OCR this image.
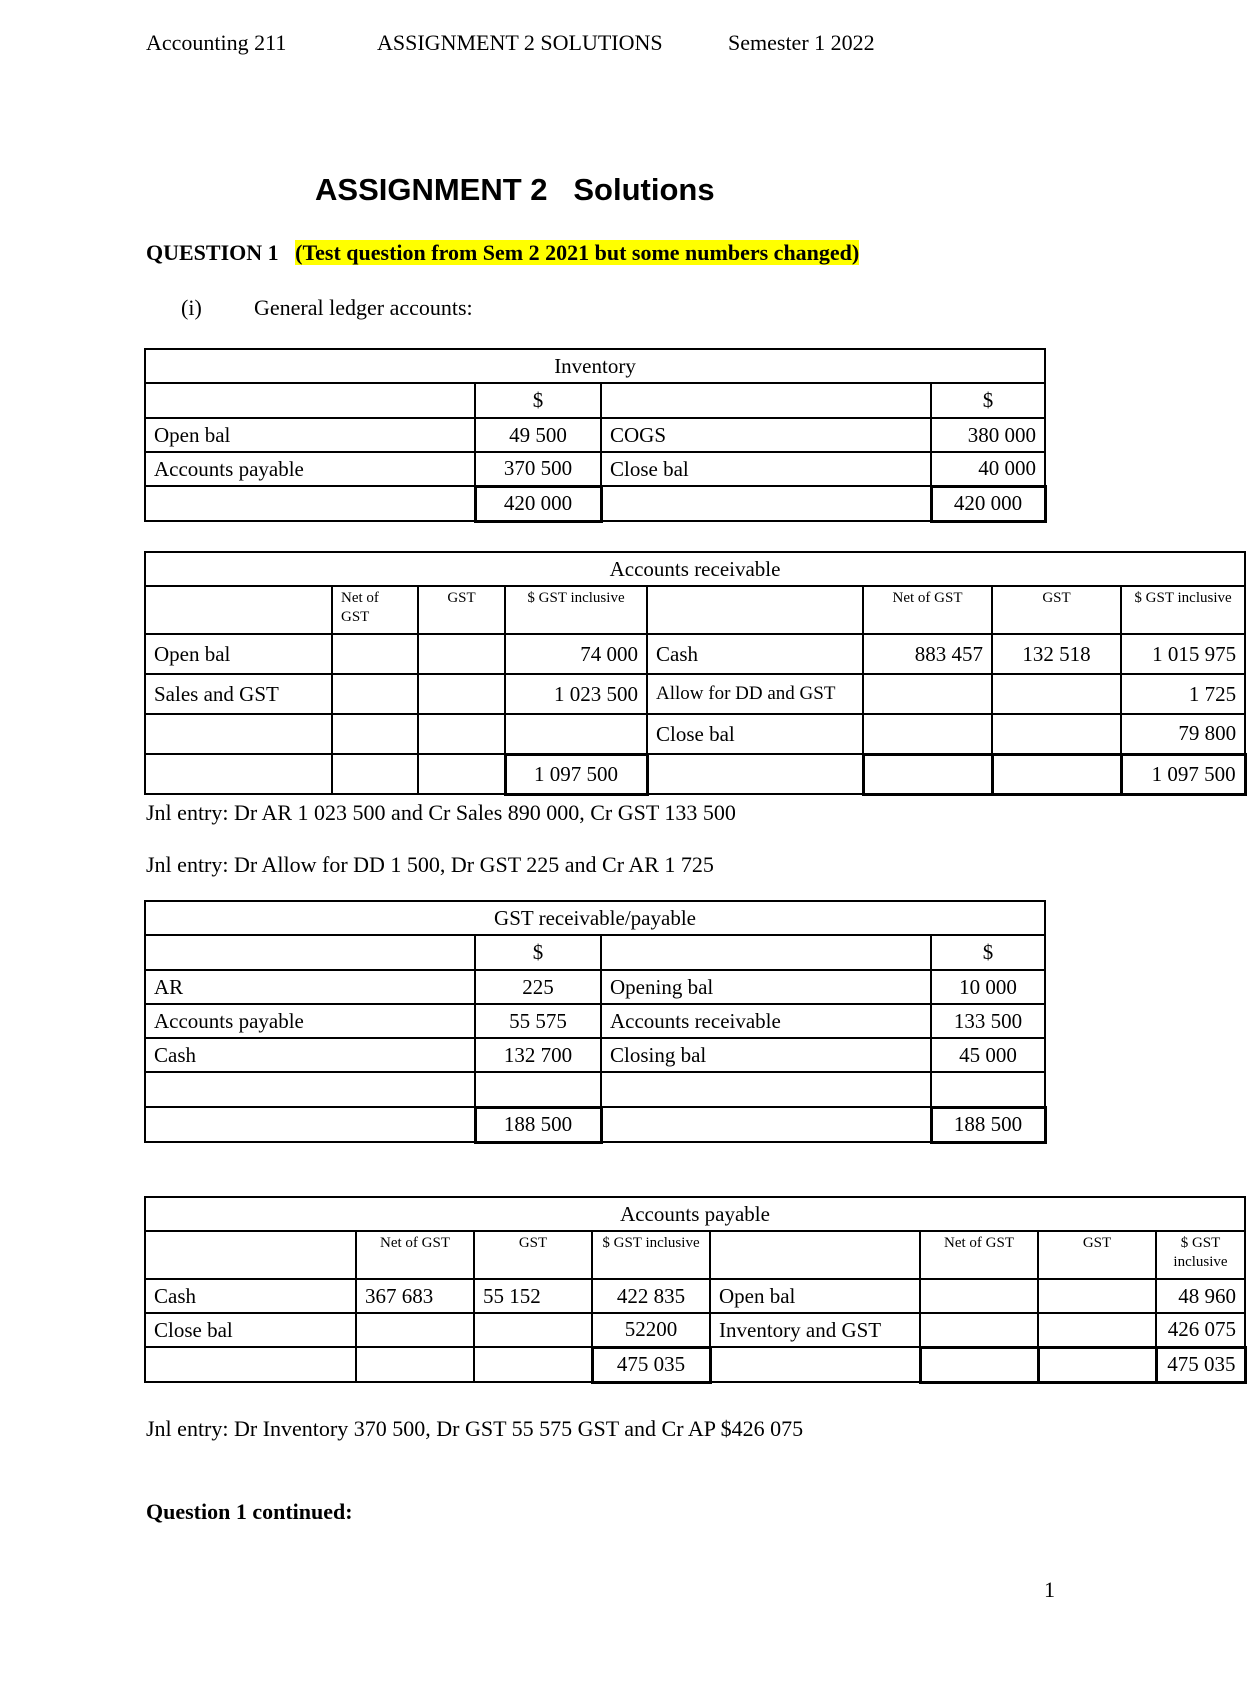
Accounting 211	ASSIGNMENT 2 SOLUTIONS	Semester 1 2022
ASSIGNMENT 2   Solutions
QUESTION 1 (Test question from Sem 2 2021 but some numbers changed)
(i) General ledger accounts:
Inventory			
	$		$
Open bal	49 500	COGS	380 000
Accounts payable	370 500	Close bal	40 000
	420 000		420 000
Accounts receivable							
	Net of GST	GST	$ GST inclusive		Net of GST	GST	$ GST inclusive
Open bal			74 000	Cash	883 457	132 518	1 015 975
Sales and GST			1 023 500	Allow for DD and GST			1 725
				Close bal			79 800
			1 097 500				1 097 500
Jnl entry: Dr AR 1 023 500 and Cr Sales 890 000, Cr GST 133 500
Jnl entry: Dr Allow for DD 1 500, Dr GST 225 and Cr AR 1 725
GST receivable/payable			
	$		$
AR	225	Opening bal	10 000
Accounts payable	55 575	Accounts receivable	133 500
Cash	132 700	Closing bal	45 000

	188 500		188 500
Accounts payable							
	Net of GST	GST	$ GST inclusive		Net of GST	GST	$ GST inclusive
Cash	367 683	55 152	422 835	Open bal			48 960
Close bal			52200	Inventory and GST			426 075
			475 035				475 035
Jnl entry: Dr Inventory 370 500, Dr GST 55 575 GST and Cr AP $426 075
Question 1 continued:
1
